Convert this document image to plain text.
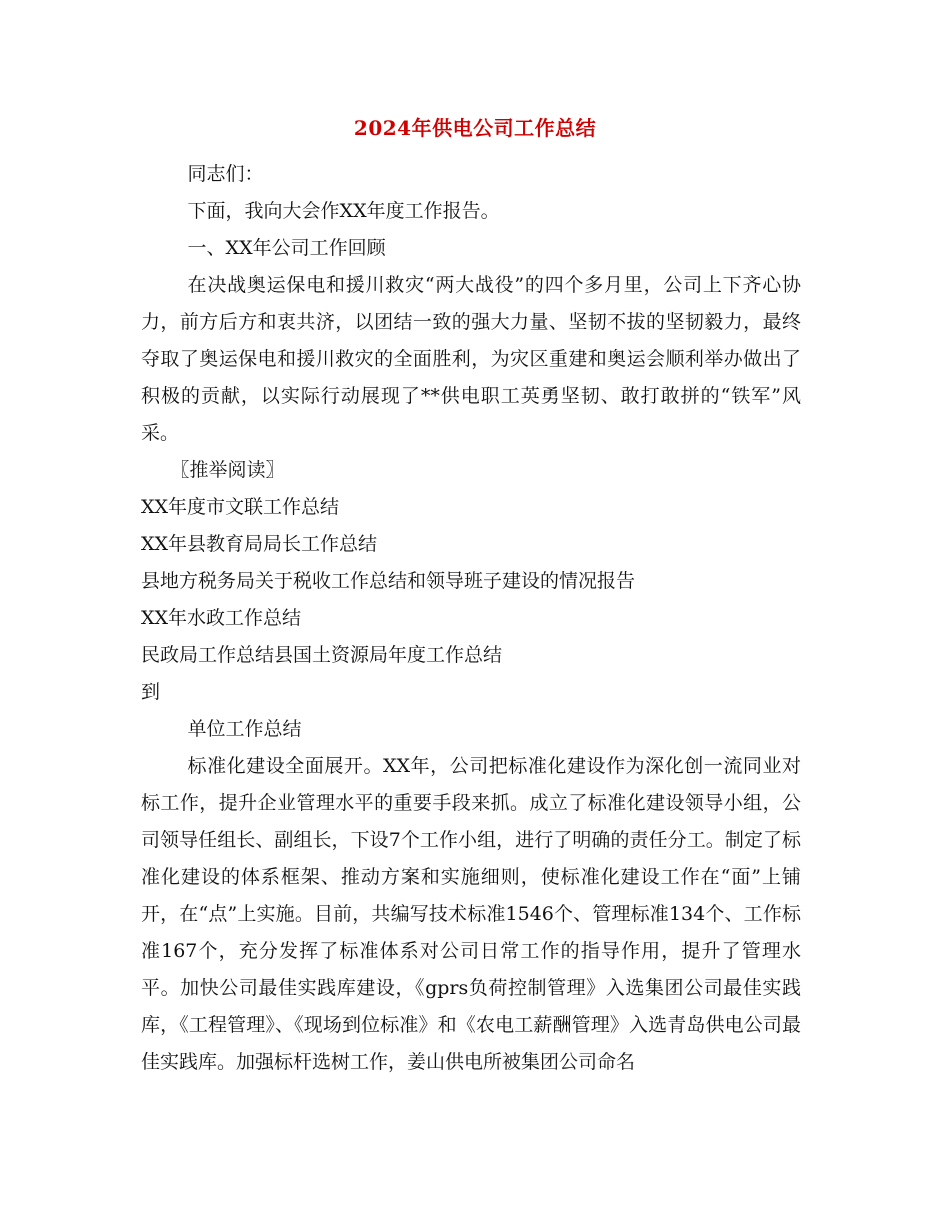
2024年供电公司工作总结

同志们：

下面，我向大会作XX年度工作报告。

一、XX年公司工作回顾

在决战奥运保电和援川救灾“两大战役”的四个多月里，公司上下齐心协力，前方后方和衷共济，以团结一致的强大力量、坚韧不拔的坚韧毅力，最终夺取了奥运保电和援川救灾的全面胜利，为灾区重建和奥运会顺利举办做出了积极的贡献，以实际行动展现了**供电职工英勇坚韧、敢打敢拼的“铁军”风采。

〖推举阅读〗

XX年度市文联工作总结

XX年县教育局局长工作总结

县地方税务局关于税收工作总结和领导班子建设的情况报告

XX年水政工作总结

民政局工作总结县国土资源局年度工作总结

到

单位工作总结

标准化建设全面展开。XX年，公司把标准化建设作为深化创一流同业对标工作，提升企业管理水平的重要手段来抓。成立了标准化建设领导小组，公司领导任组长、副组长，下设7个工作小组，进行了明确的责任分工。制定了标准化建设的体系框架、推动方案和实施细则，使标准化建设工作在“面”上铺开，在“点”上实施。目前，共编写技术标准1546个、管理标准134个、工作标准167个，充分发挥了标准体系对公司日常工作的指导作用，提升了管理水平。加快公司最佳实践库建设，《gprs负荷控制管理》入选集团公司最佳实践库，《工程管理》、《现场到位标准》和《农电工薪酬管理》入选青岛供电公司最佳实践库。加强标杆选树工作，姜山供电所被集团公司命名
